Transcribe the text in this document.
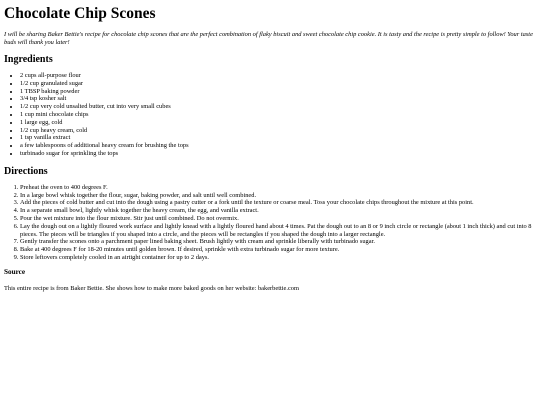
Chocolate Chip Scones

I will be sharing Baker Bettie's recipe for chocolate chip scones that are the perfect combination of flaky biscuit and sweet chocolate chip cookie. It is tasty and the recipe is pretty simple to follow! Your taste buds will thank you later!

Ingredients
• 2 cups all-purpose flour
• 1/2 cup granulated sugar
• 1 TBSP baking powder
• 3/4 tsp kosher salt
• 1/2 cup very cold unsalted butter, cut into very small cubes
• 1 cup mini chocolate chips
• 1 large egg, cold
• 1/2 cup heavy cream, cold
• 1 tsp vanilla extract
• a few tablespoons of additional heavy cream for brushing the tops
• turbinado sugar for sprinkling the tops
Directions
1. Preheat the oven to 400 degrees F.
2. In a large bowl whisk together the flour, sugar, baking powder, and salt until well combined.
3. Add the pieces of cold butter and cut into the dough using a pastry cutter or a fork until the texture or coarse meal. Toss your chocolate chips throughout the mixture at this point.
4. In a separate small bowl, lightly whisk together the heavy cream, the egg, and vanilla extract.
5. Pour the wet mixture into the flour mixture. Stir just until combined. Do not overmix.
6. Lay the dough out on a lightly floured work surface and lightly knead with a lightly floured hand about 4 times. Pat the dough out to an 8 or 9 inch circle or rectangle (about 1 inch thick) and cut into 8 pieces. The pieces will be triangles if you shaped into a circle, and the pieces will be rectangles if you shaped the dough into a larger rectangle.
7. Gently transfer the scones onto a parchment paper lined baking sheet. Brush lightly with cream and sprinkle liberally with turbinado sugar.
8. Bake at 400 degrees F for 18-20 minutes until golden brown. If desired, sprinkle with extra turbinado sugar for more texture.
9. Store leftovers completely cooled in an airtight container for up to 2 days.
Source

This entire recipe is from Baker Bettie. She shows how to make more baked goods on her website: bakerbettie.com
